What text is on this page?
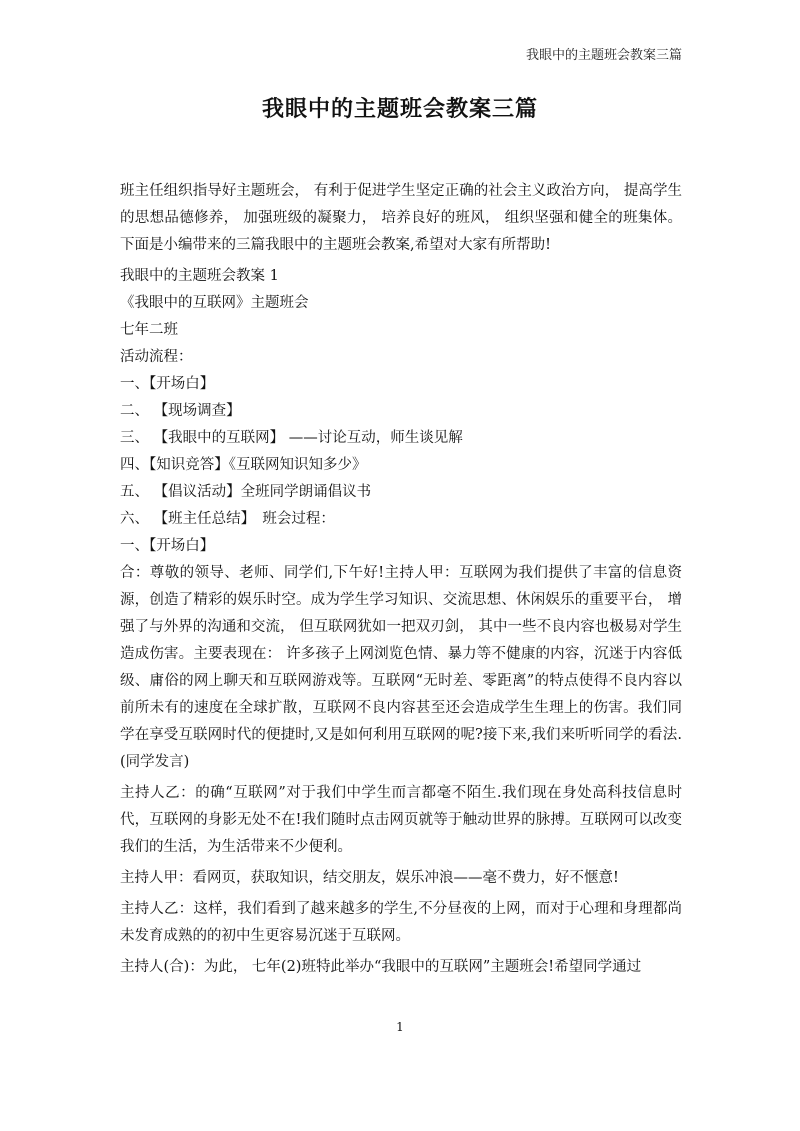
我眼中的主题班会教案三篇
我眼中的主题班会教案三篇

班主任组织指导好主题班会， 有利于促进学生坚定正确的社会主义政治方向， 提高学生的思想品德修养， 加强班级的凝聚力， 培养良好的班风， 组织坚强和健全的班集体。下面是小编带来的三篇我眼中的主题班会教案,希望对大家有所帮助!

我眼中的主题班会教案 1

《我眼中的互联网》主题班会

七年二班

活动流程：

一、【开场白】

二、 【现场调查】

三、 【我眼中的互联网】 ——讨论互动，师生谈见解

四、【知识竞答】《互联网知识知多少》

五、 【倡议活动】全班同学朗诵倡议书

六、 【班主任总结】　班会过程：

一、【开场白】

合：尊敬的领导、老师、同学们,下午好!主持人甲：互联网为我们提供了丰富的信息资源，创造了精彩的娱乐时空。成为学生学习知识、交流思想、休闲娱乐的重要平台， 增强了与外界的沟通和交流， 但互联网犹如一把双刃剑， 其中一些不良内容也极易对学生造成伤害。主要表现在： 许多孩子上网浏览色情、暴力等不健康的内容，沉迷于内容低级、庸俗的网上聊天和互联网游戏等。互联网“无时差、零距离”的特点使得不良内容以前所未有的速度在全球扩散，互联网不良内容甚至还会造成学生生理上的伤害。我们同学在享受互联网时代的便捷时,又是如何利用互联网的呢?接下来,我们来听听同学的看法.(同学发言)

主持人乙：的确“互联网”对于我们中学生而言都毫不陌生.我们现在身处高科技信息时代，互联网的身影无处不在!我们随时点击网页就等于触动世界的脉搏。互联网可以改变我们的生活，为生活带来不少便利。

主持人甲：看网页，获取知识，结交朋友，娱乐冲浪——毫不费力，好不惬意!

主持人乙：这样，我们看到了越来越多的学生,不分昼夜的上网，而对于心理和身理都尚未发育成熟的的初中生更容易沉迷于互联网。

主持人(合)：为此， 七年(2)班特此举办“我眼中的互联网”主题班会!希望同学通过

1
